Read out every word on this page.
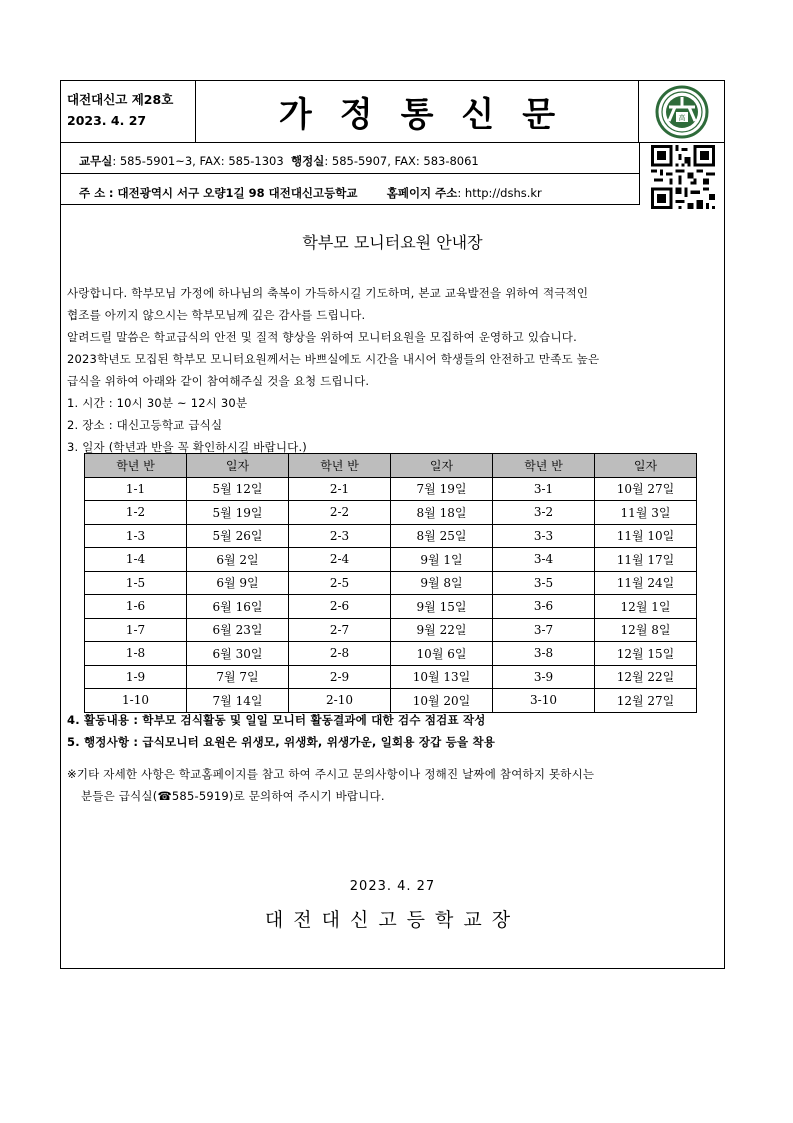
대전대신고 제28호
2023. 4. 27	가정통신문	高
교무실: 585-5901~3, FAX: 585-1303 행정실: 585-5907, FAX: 583-8061
주 소 : 대전광역시 서구 오량1길 98 대전대신고등학교	홈페이지 주소: http://dshs.kr
학부모 모니터요원 안내장
사랑합니다. 학부모님 가정에 하나님의 축복이 가득하시길 기도하며, 본교 교육발전을 위하여 적극적인
협조를 아끼지 않으시는 학부모님께 깊은 감사를 드립니다.
알려드릴 말씀은 학교급식의 안전 및 질적 향상을 위하여 모니터요원을 모집하여 운영하고 있습니다.
2023학년도 모집된 학부모 모니터요원께서는 바쁘실에도 시간을 내시어 학생들의 안전하고 만족도 높은
급식을 위하여 아래와 같이 참여해주실 것을 요청 드립니다.
1. 시간 : 10시 30분 ~ 12시 30분
2. 장소 : 대신고등학교 급식실
3. 일자 (학년과 반을 꼭 확인하시길 바랍니다.)
학년 반	일자	학년 반	일자	학년 반	일자
1-1	5월 12일	2-1	7월 19일	3-1	10월 27일
1-2	5월 19일	2-2	8월 18일	3-2	11월 3일
1-3	5월 26일	2-3	8월 25일	3-3	11월 10일
1-4	6월 2일	2-4	9월 1일	3-4	11월 17일
1-5	6월 9일	2-5	9월 8일	3-5	11월 24일
1-6	6월 16일	2-6	9월 15일	3-6	12월 1일
1-7	6월 23일	2-7	9월 22일	3-7	12월 8일
1-8	6월 30일	2-8	10월 6일	3-8	12월 15일
1-9	7월 7일	2-9	10월 13일	3-9	12월 22일
1-10	7월 14일	2-10	10월 20일	3-10	12월 27일
4. 활동내용 : 학부모 검식활동 및 일일 모니터 활동결과에 대한 검수 점검표 작성
5. 행정사항 : 급식모니터 요원은 위생모, 위생화, 위생가운, 일회용 장갑 등을 착용
※기타 자세한 사항은 학교홈페이지를 참고 하여 주시고 문의사항이나 정해진 날짜에 참여하지 못하시는
분들은 급식실(☎585-5919)로 문의하여 주시기 바랍니다.
2023. 4. 27
대전대신고등학교장
